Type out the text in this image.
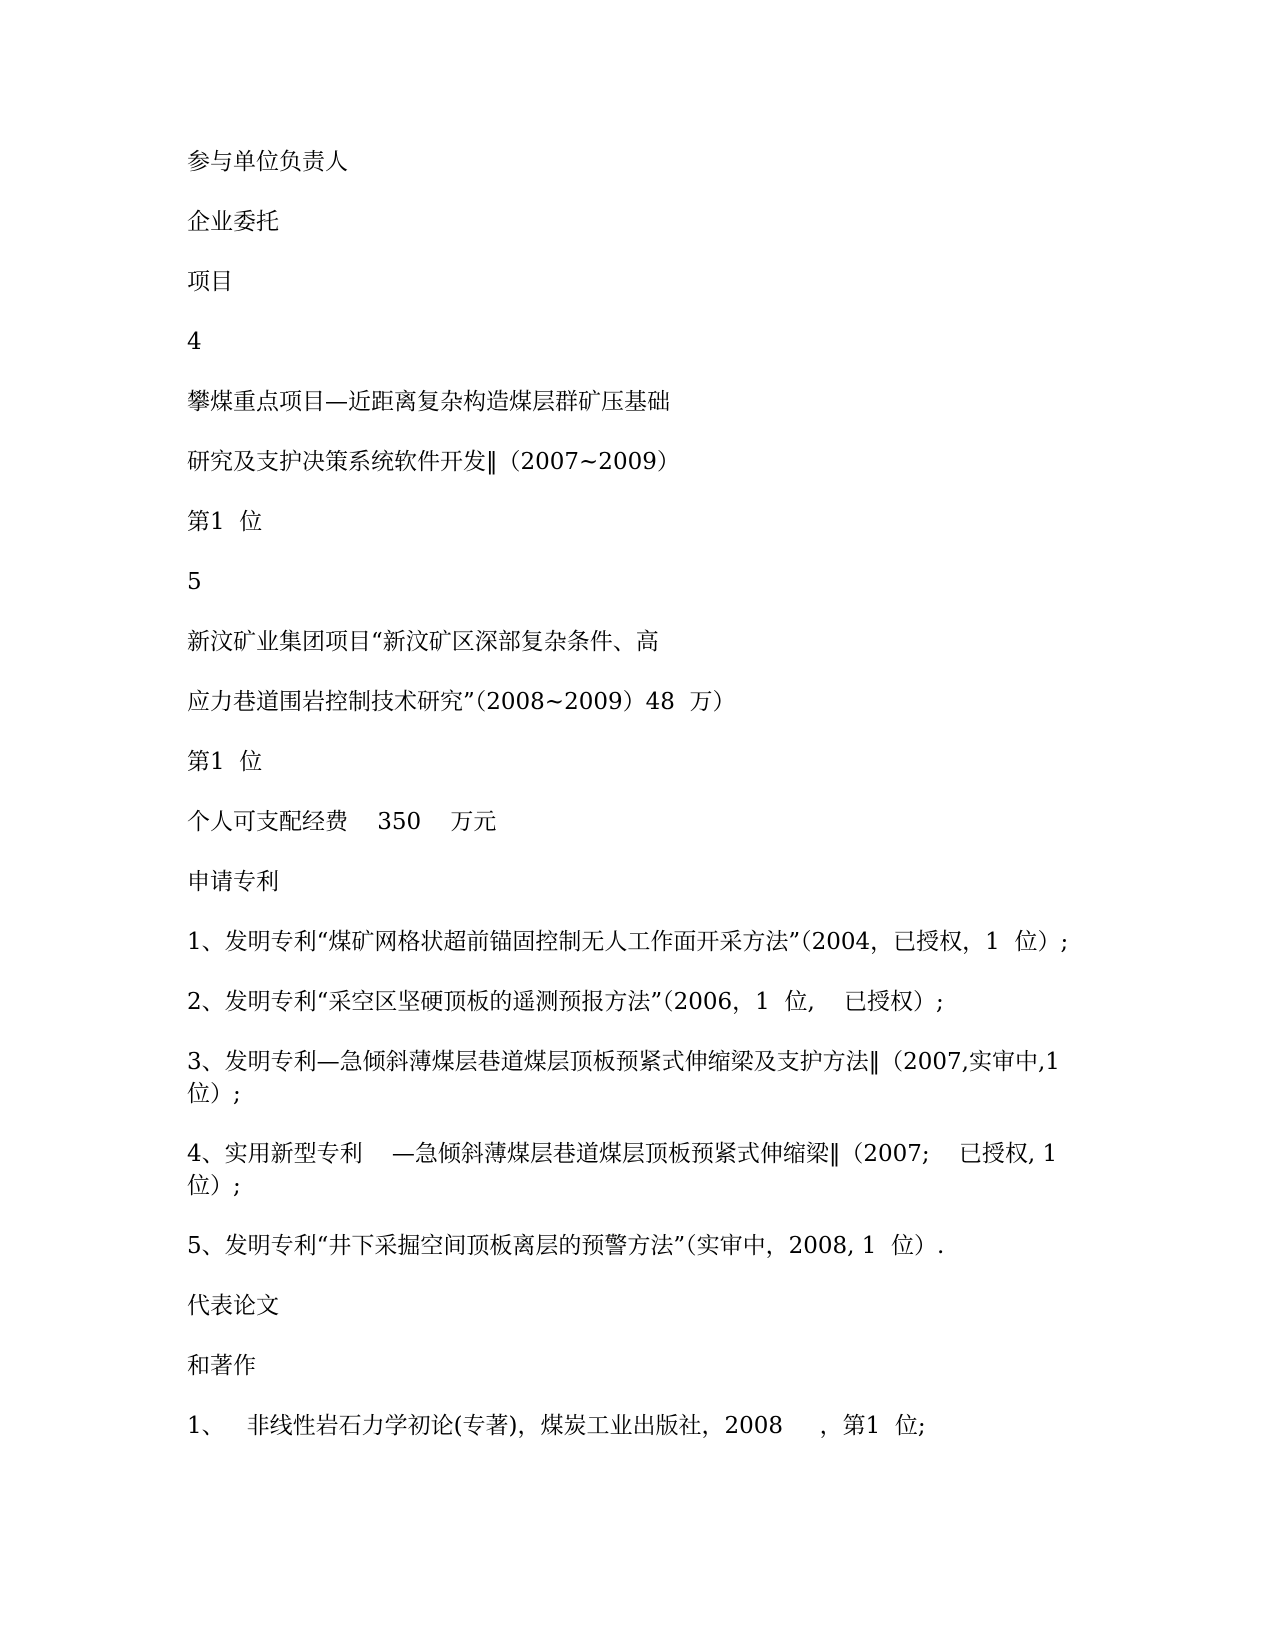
参与单位负责人

企业委托

项目

4

攀煤重点项目—近距离复杂构造煤层群矿压基础

研究及支护决策系统软件开发‖（2007~2009）

第1  位

5

新汶矿业集团项目“新汶矿区深部复杂条件、高

应力巷道围岩控制技术研究”（2008~2009）48  万）

第1  位

个人可支配经费    350    万元

申请专利

1、发明专利“煤矿网格状超前锚固控制无人工作面开采方法”（2004，已授权，1  位）;

2、发明专利“采空区坚硬顶板的遥测预报方法”（2006，1  位,    已授权）;

3、发明专利—急倾斜薄煤层巷道煤层顶板预紧式伸缩梁及支护方法‖（2007,实审中,1  位）;

4、实用新型专利    —急倾斜薄煤层巷道煤层顶板预紧式伸缩梁‖（2007;    已授权, 1  位）;

5、发明专利“井下采掘空间顶板离层的预警方法”（实审中，2008, 1  位）.

代表论文

和著作

1、   非线性岩石力学初论(专著)，煤炭工业出版社，2008     ，第1  位;
